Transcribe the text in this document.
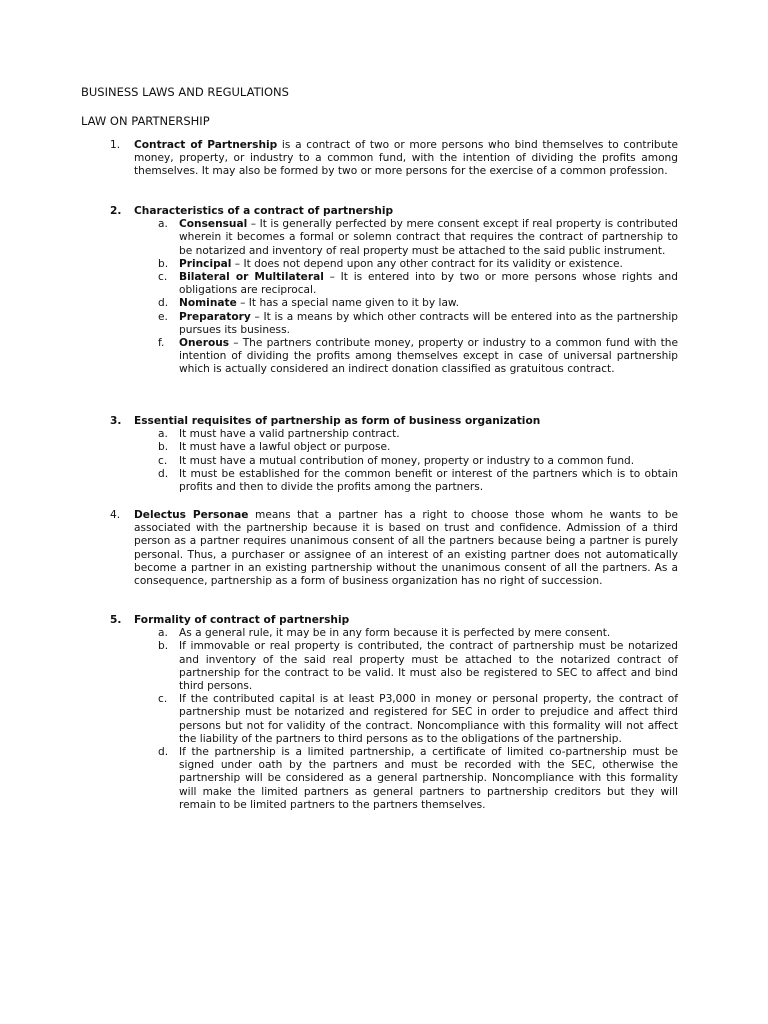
BUSINESS LAWS AND REGULATIONS
LAW ON PARTNERSHIP
1.	Contract of Partnership is a contract of two or more persons who bind themselves to contribute money, property, or industry to a common fund, with the intention of dividing the profits among themselves. It may also be formed by two or more persons for the exercise of a common profession.
2.	Characteristics of a contract of partnership
a. Consensual – It is generally perfected by mere consent except if real property is contributed wherein it becomes a formal or solemn contract that requires the contract of partnership to be notarized and inventory of real property must be attached to the said public instrument.
b. Principal – It does not depend upon any other contract for its validity or existence.
c. Bilateral or Multilateral – It is entered into by two or more persons whose rights and obligations are reciprocal.
d. Nominate – It has a special name given to it by law.
e. Preparatory – It is a means by which other contracts will be entered into as the partnership pursues its business.
f. Onerous – The partners contribute money, property or industry to a common fund with the intention of dividing the profits among themselves except in case of universal partnership which is actually considered an indirect donation classified as gratuitous contract.
3.	Essential requisites of partnership as form of business organization
a. It must have a valid partnership contract.
b. It must have a lawful object or purpose.
c. It must have a mutual contribution of money, property or industry to a common fund.
d. It must be established for the common benefit or interest of the partners which is to obtain profits and then to divide the profits among the partners.
4.	Delectus Personae means that a partner has a right to choose those whom he wants to be associated with the partnership because it is based on trust and confidence. Admission of a third person as a partner requires unanimous consent of all the partners because being a partner is purely personal. Thus, a purchaser or assignee of an interest of an existing partner does not automatically become a partner in an existing partnership without the unanimous consent of all the partners. As a consequence, partnership as a form of business organization has no right of succession.
5.	Formality of contract of partnership
a. As a general rule, it may be in any form because it is perfected by mere consent.
b. If immovable or real property is contributed, the contract of partnership must be notarized and inventory of the said real property must be attached to the notarized contract of partnership for the contract to be valid. It must also be registered to SEC to affect and bind third persons.
c. If the contributed capital is at least P3,000 in money or personal property, the contract of partnership must be notarized and registered for SEC in order to prejudice and affect third persons but not for validity of the contract. Noncompliance with this formality will not affect the liability of the partners to third persons as to the obligations of the partnership.
d. If the partnership is a limited partnership, a certificate of limited co-partnership must be signed under oath by the partners and must be recorded with the SEC, otherwise the partnership will be considered as a general partnership. Noncompliance with this formality will make the limited partners as general partners to partnership creditors but they will remain to be limited partners to the partners themselves.
